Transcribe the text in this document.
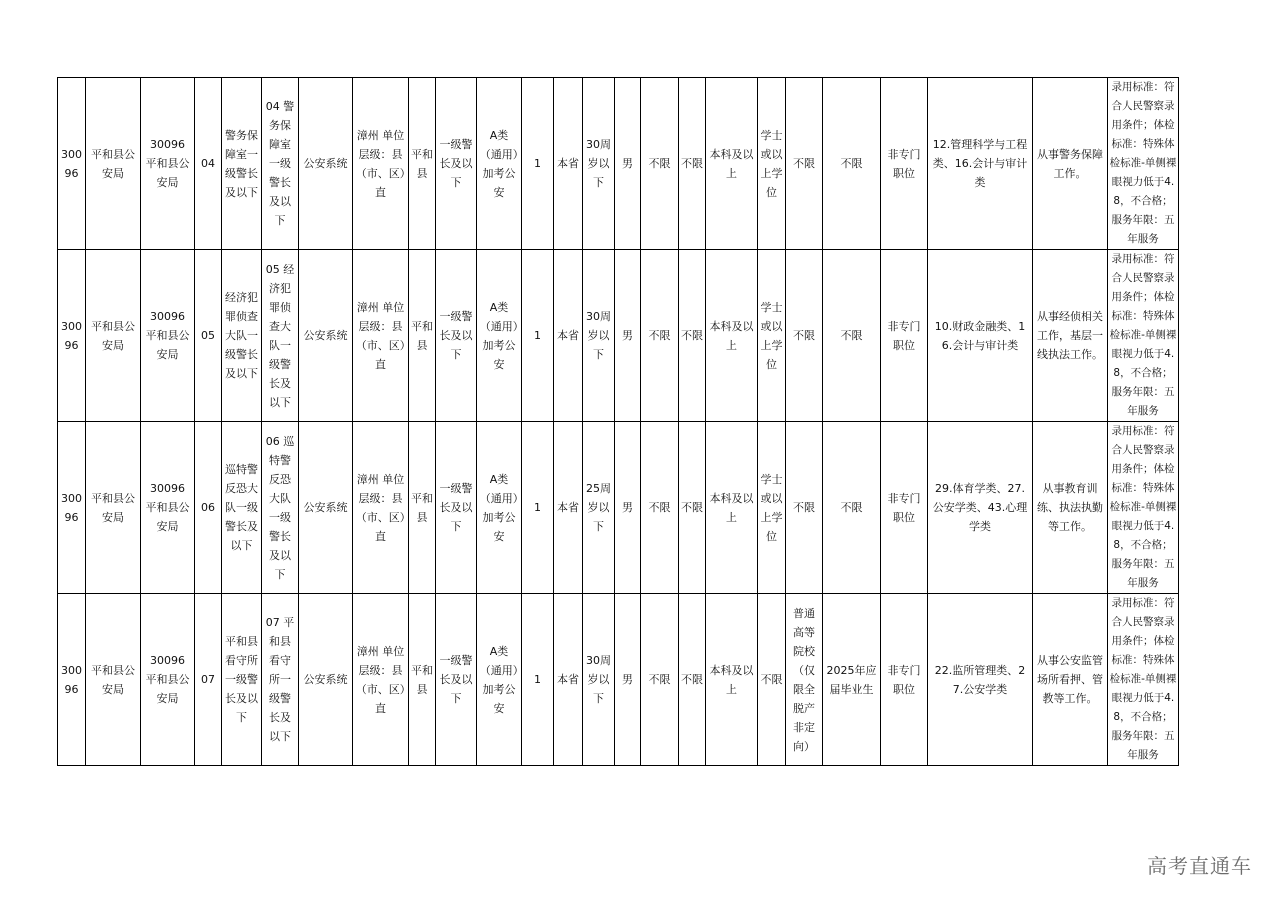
30096	平和县公安局	30096 平和县公安局	04	警务保障室一级警长及以下	04 警务保障室一级警长及以下	公安系统	漳州 单位层级：县（市、区）直	平和县	一级警长及以下	A类（通用）加考公安	1	本省	30周岁以下	男	不限	不限	本科及以上	学士或以上学位	不限	不限	非专门职位	12.管理科学与工程类、16.会计与审计类	从事警务保障工作。	录用标准：符合人民警察录用条件；体检标准：特殊体检标准-单侧裸眼视力低于4.8，不合格；服务年限：五年服务
30096	平和县公安局	30096 平和县公安局	05	经济犯罪侦查大队一级警长及以下	05 经济犯罪侦查大队一级警长及以下	公安系统	漳州 单位层级：县（市、区）直	平和县	一级警长及以下	A类（通用）加考公安	1	本省	30周岁以下	男	不限	不限	本科及以上	学士或以上学位	不限	不限	非专门职位	10.财政金融类、16.会计与审计类	从事经侦相关工作，基层一线执法工作。	录用标准：符合人民警察录用条件；体检标准：特殊体检标准-单侧裸眼视力低于4.8，不合格；服务年限：五年服务
30096	平和县公安局	30096 平和县公安局	06	巡特警反恐大队一级警长及以下	06 巡特警反恐大队一级警长及以下	公安系统	漳州 单位层级：县（市、区）直	平和县	一级警长及以下	A类（通用）加考公安	1	本省	25周岁以下	男	不限	不限	本科及以上	学士或以上学位	不限	不限	非专门职位	29.体育学类、27.公安学类、43.心理学类	从事教育训练、执法执勤等工作。	录用标准：符合人民警察录用条件；体检标准：特殊体检标准-单侧裸眼视力低于4.8，不合格；服务年限：五年服务
30096	平和县公安局	30096 平和县公安局	07	平和县看守所一级警长及以下	07 平和县看守所一级警长及以下	公安系统	漳州 单位层级：县（市、区）直	平和县	一级警长及以下	A类（通用）加考公安	1	本省	30周岁以下	男	不限	不限	本科及以上	不限	普通高等院校（仅限全脱产非定向）	2025年应届毕业生	非专门职位	22.监所管理类、27.公安学类	从事公安监管场所看押、管教等工作。	录用标准：符合人民警察录用条件；体检标准：特殊体检标准-单侧裸眼视力低于4.8，不合格；服务年限：五年服务
高考直通车
